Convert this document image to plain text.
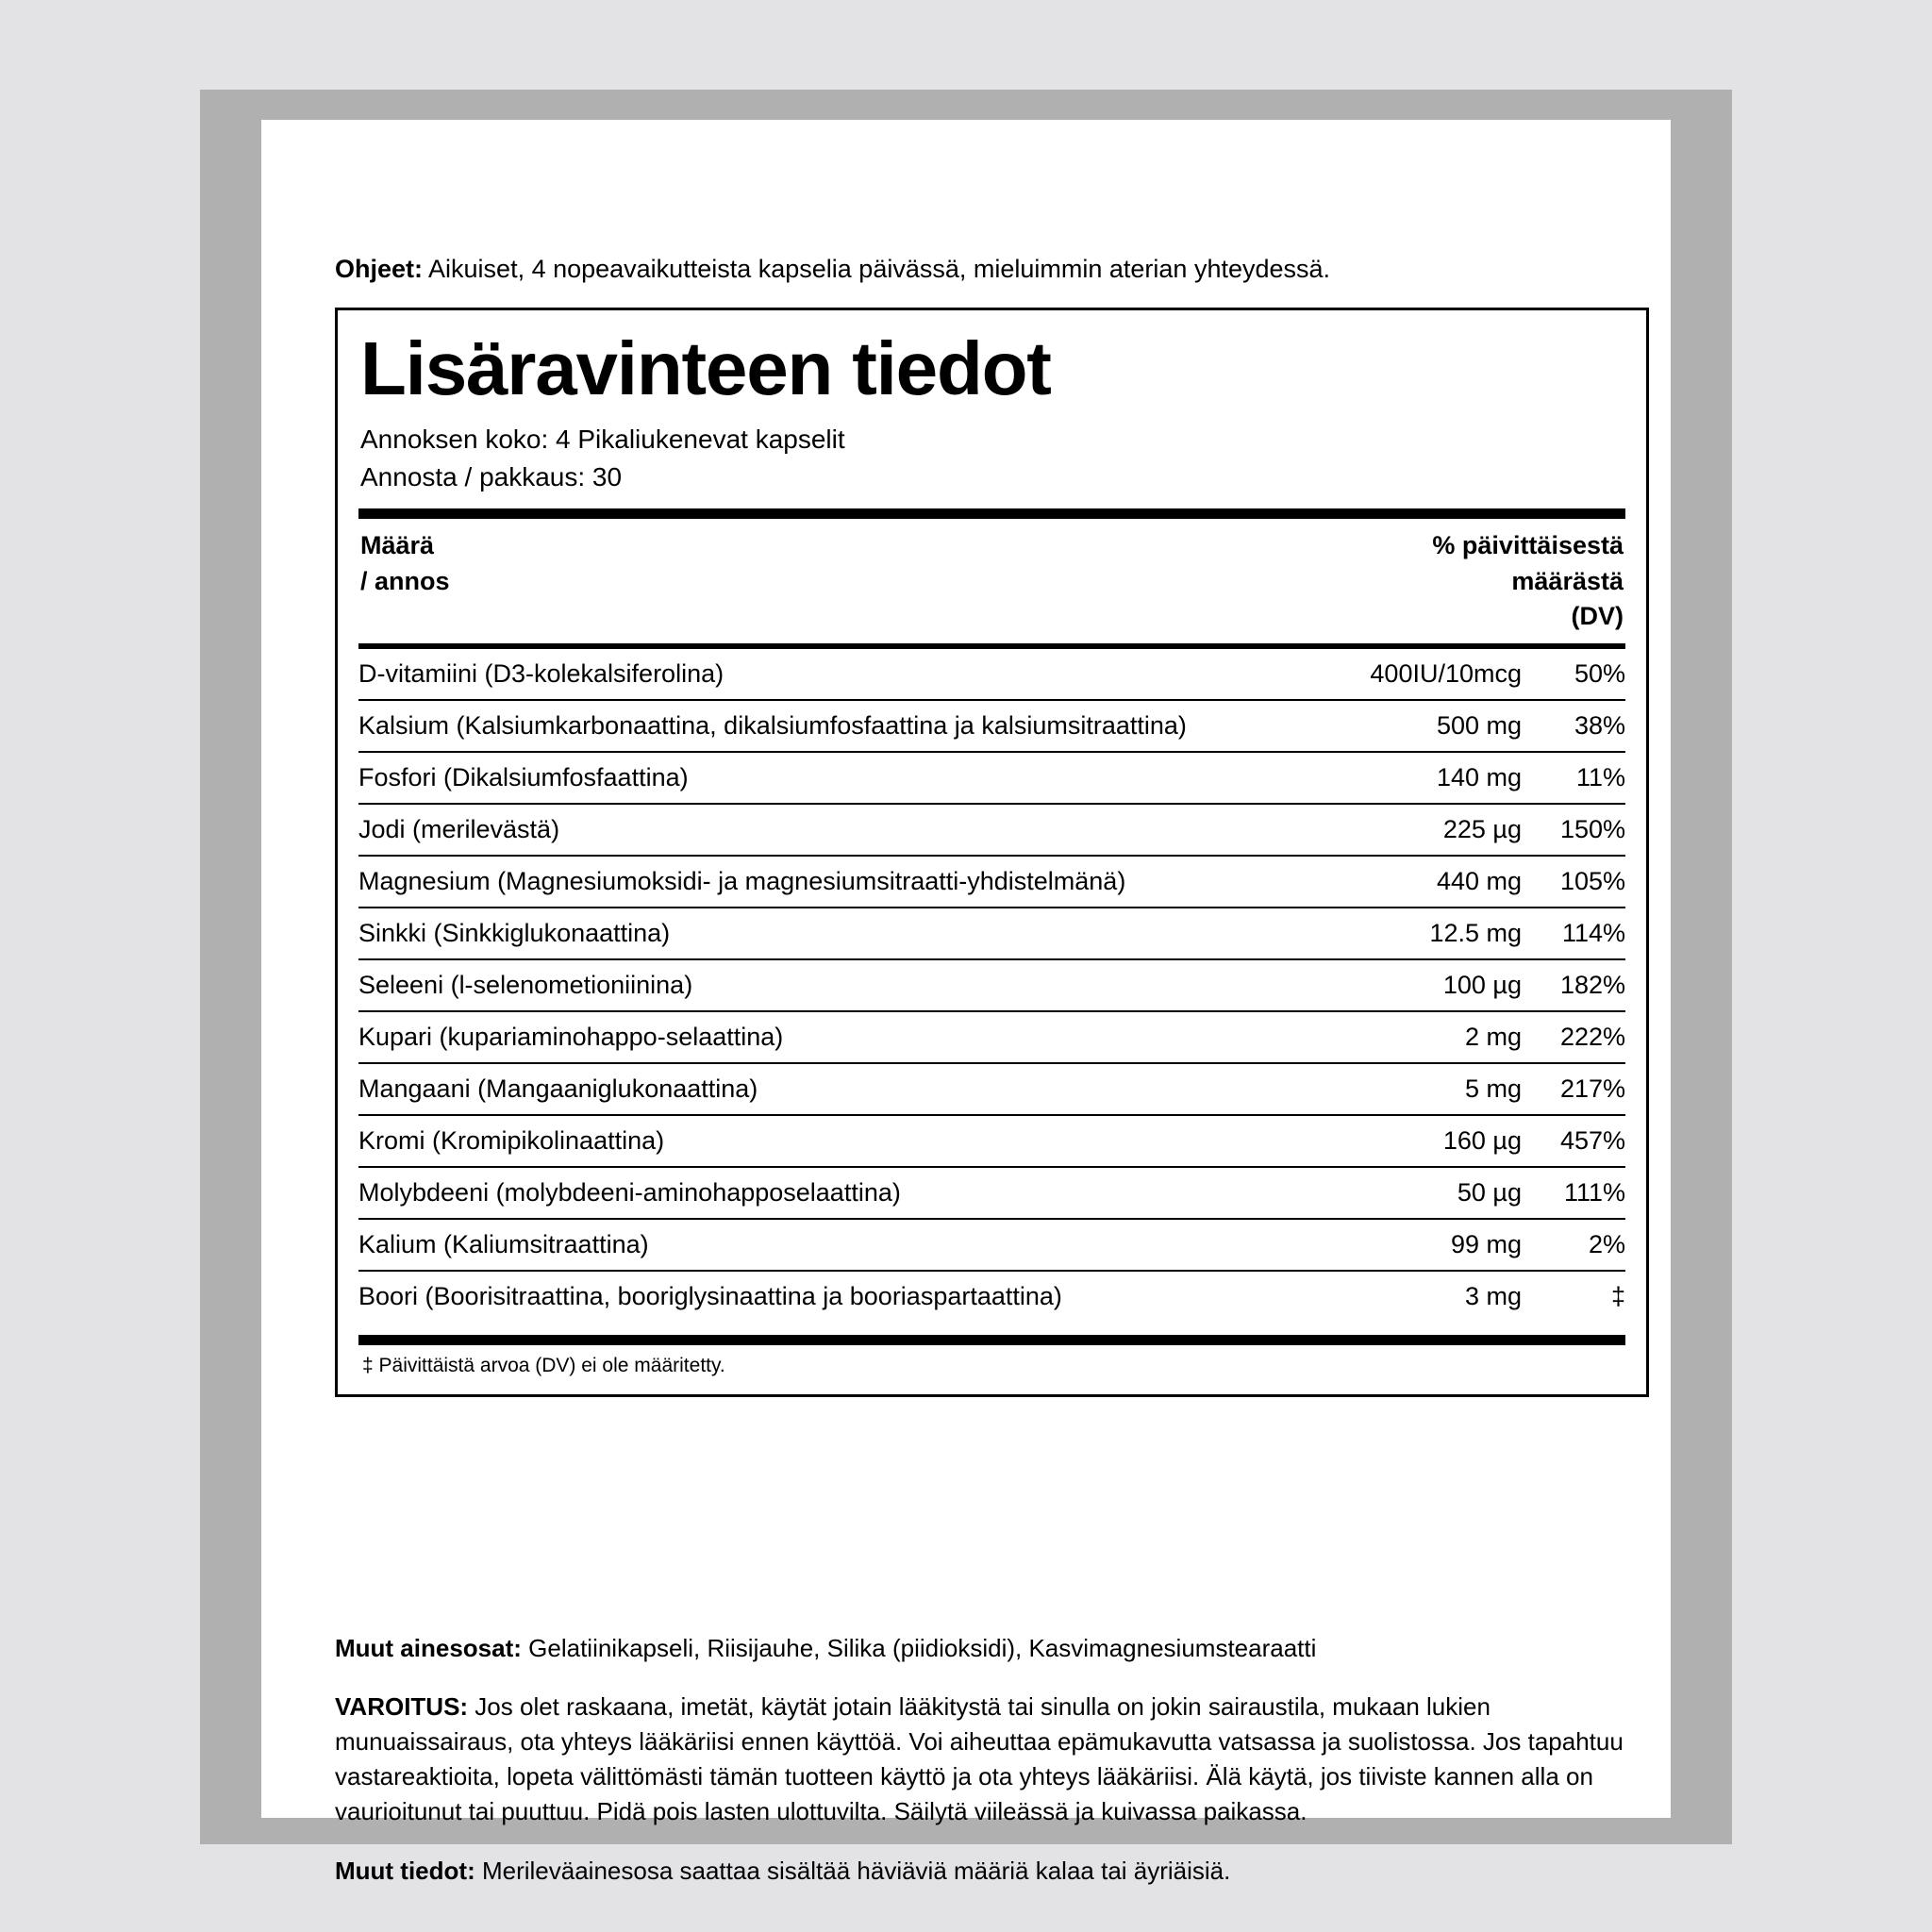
Ohjeet: Aikuiset, 4 nopeavaikutteista kapselia päivässä, mieluimmin aterian yhteydessä.
Lisäravinteen tiedot
Annoksen koko: 4 Pikaliukenevat kapselit
Annosta / pakkaus: 30
Määrä
/ annos
% päivittäisestä
määrästä
(DV)
D-vitamiini (D3-kolekalsiferolina)	400IU/10mcg	50%
Kalsium (Kalsiumkarbonaattina, dikalsiumfosfaattina ja kalsiumsitraattina)	500 mg	38%
Fosfori (Dikalsiumfosfaattina)	140 mg	11%
Jodi (merilevästä)	225 µg	150%
Magnesium (Magnesiumoksidi- ja magnesiumsitraatti-yhdistelmänä)	440 mg	105%
Sinkki (Sinkkiglukonaattina)	12.5 mg	114%
Seleeni (l-selenometioniinina)	100 µg	182%
Kupari (kupariaminohappo-selaattina)	2 mg	222%
Mangaani (Mangaaniglukonaattina)	5 mg	217%
Kromi (Kromipikolinaattina)	160 µg	457%
Molybdeeni (molybdeeni-aminohapposelaattina)	50 µg	111%
Kalium (Kaliumsitraattina)	99 mg	2%
Boori (Boorisitraattina, booriglysinaattina ja booriaspartaattina)	3 mg	‡
‡ Päivittäistä arvoa (DV) ei ole määritetty.
Muut ainesosat: Gelatiinikapseli, Riisijauhe, Silika (piidioksidi), Kasvimagnesiumstearaatti
VAROITUS: Jos olet raskaana, imetät, käytät jotain lääkitystä tai sinulla on jokin sairaustila, mukaan lukien munuaissairaus, ota yhteys lääkäriisi ennen käyttöä. Voi aiheuttaa epämukavutta vatsassa ja suolistossa. Jos tapahtuu vastareaktioita, lopeta välittömästi tämän tuotteen käyttö ja ota yhteys lääkäriisi. Älä käytä, jos tiiviste kannen alla on vaurioitunut tai puuttuu. Pidä pois lasten ulottuvilta. Säilytä viileässä ja kuivassa paikassa.
Muut tiedot: Merileväainesosa saattaa sisältää häviäviä määriä kalaa tai äyriäisiä.
